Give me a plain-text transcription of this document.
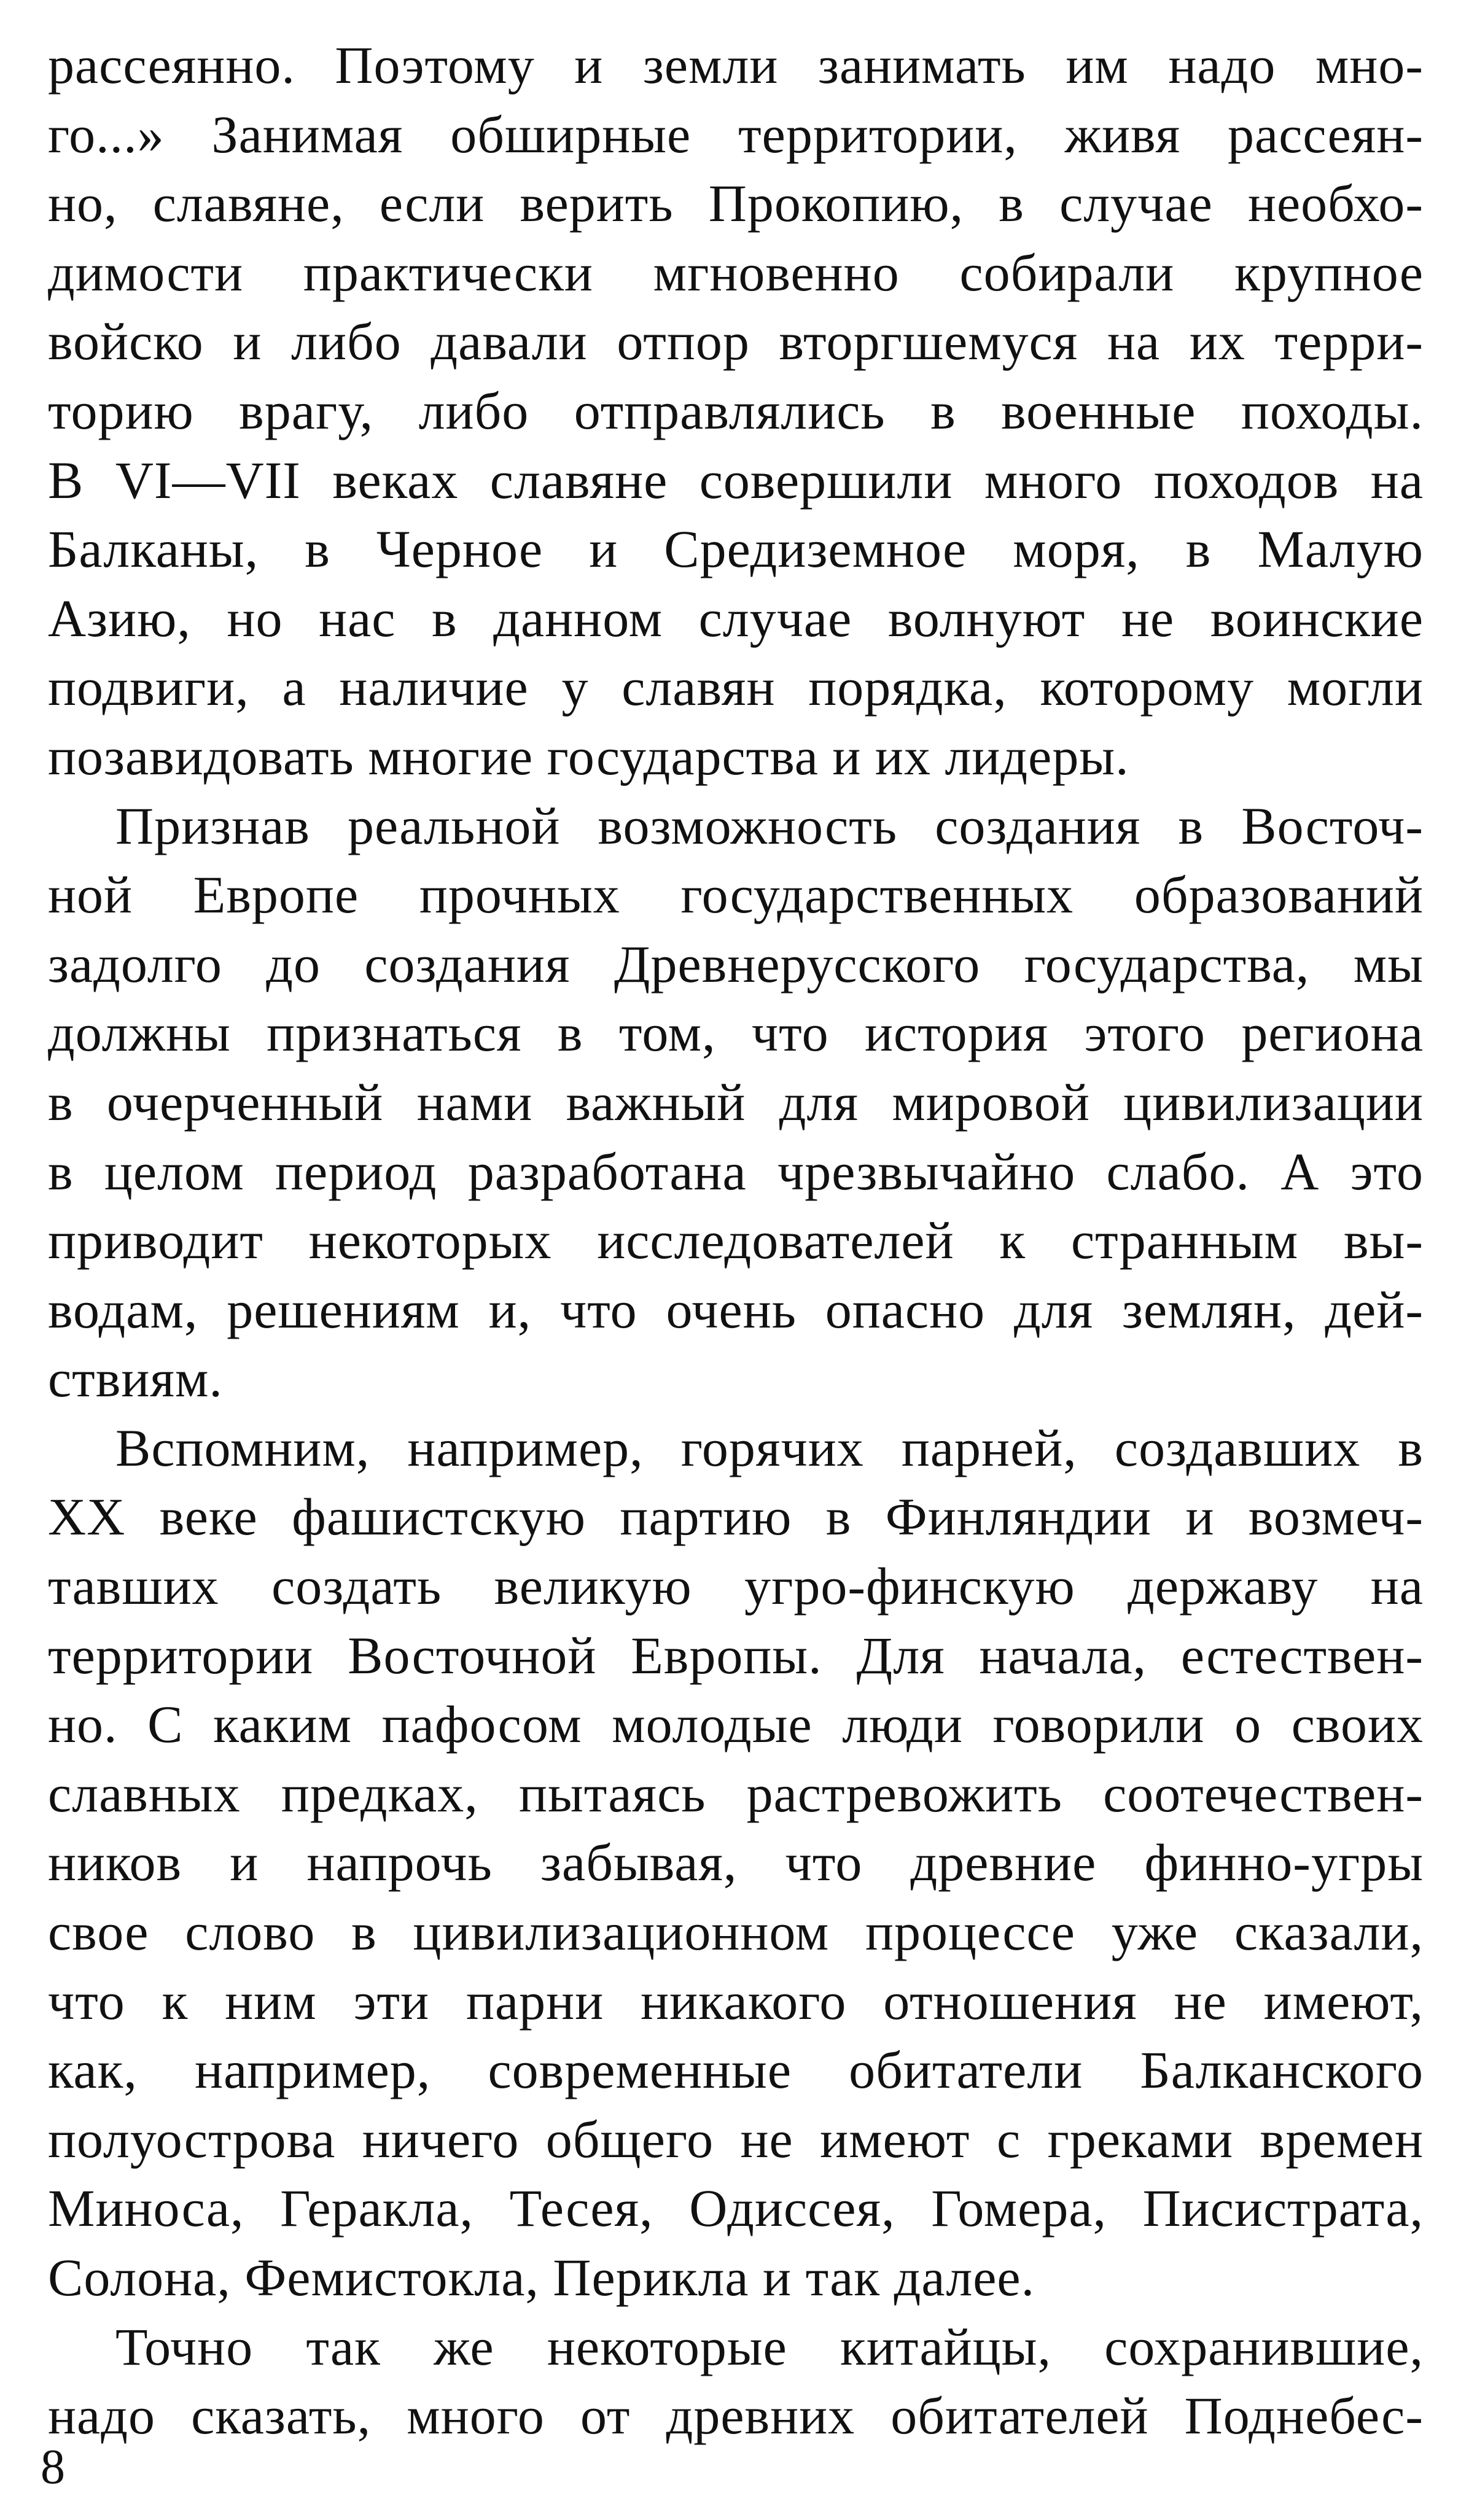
рассеянно. Поэтому и земли занимать им надо мно-
го...» Занимая обширные территории, живя рассеян-
но, славяне, если верить Прокопию, в случае необхо-
димости практически мгновенно собирали крупное
войско и либо давали отпор вторгшемуся на их терри-
торию врагу, либо отправлялись в военные походы.
В VI—VII веках славяне совершили много походов на
Балканы, в Черное и Средиземное моря, в Малую
Азию, но нас в данном случае волнуют не воинские
подвиги, а наличие у славян порядка, которому могли
позавидовать многие государства и их лидеры.
Признав реальной возможность создания в Восточ-
ной Европе прочных государственных образований
задолго до создания Древнерусского государства, мы
должны признаться в том, что история этого региона
в очерченный нами важный для мировой цивилизации
в целом период разработана чрезвычайно слабо. А это
приводит некоторых исследователей к странным вы-
водам, решениям и, что очень опасно для землян, дей-
ствиям.
Вспомним, например, горячих парней, создавших в
XX веке фашистскую партию в Финляндии и возмеч-
тавших создать великую угро-финскую державу на
территории Восточной Европы. Для начала, естествен-
но. С каким пафосом молодые люди говорили о своих
славных предках, пытаясь растревожить соотечествен-
ников и напрочь забывая, что древние финно-угры
свое слово в цивилизационном процессе уже сказали,
что к ним эти парни никакого отношения не имеют,
как, например, современные обитатели Балканского
полуострова ничего общего не имеют с греками времен
Миноса, Геракла, Тесея, Одиссея, Гомера, Писистрата,
Солона, Фемистокла, Перикла и так далее.
Точно так же некоторые китайцы, сохранившие,
надо сказать, много от древних обитателей Поднебес-
8
